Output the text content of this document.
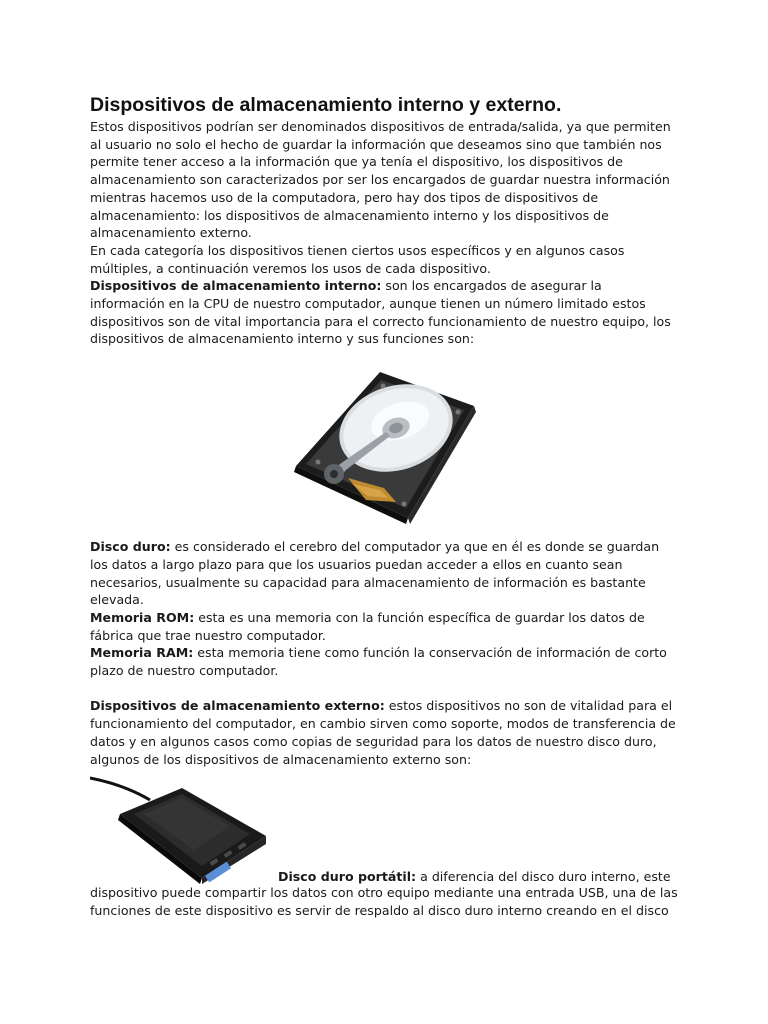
Dispositivos de almacenamiento interno y externo.

Estos dispositivos podrían ser denominados dispositivos de entrada/salida, ya que permiten al usuario no solo el hecho de guardar la información que deseamos sino que también nos permite tener acceso a la información que ya tenía el dispositivo, los dispositivos de almacenamiento son caracterizados por ser los encargados de guardar nuestra información mientras hacemos uso de la computadora, pero hay dos tipos de dispositivos de almacenamiento: los dispositivos de almacenamiento interno y los dispositivos de almacenamiento externo.

En cada categoría los dispositivos tienen ciertos usos específicos y en algunos casos múltiples, a continuación veremos los usos de cada dispositivo.

Dispositivos de almacenamiento interno: son los encargados de asegurar la información en la CPU de nuestro computador, aunque tienen un número limitado estos dispositivos son de vital importancia para el correcto funcionamiento de nuestro equipo, los dispositivos de almacenamiento interno y sus funciones son:

Disco duro: es considerado el cerebro del computador ya que en él es donde se guardan los datos a largo plazo para que los usuarios puedan acceder a ellos en cuanto sean necesarios, usualmente su capacidad para almacenamiento de información es bastante elevada.

Memoria ROM: esta es una memoria con la función específica de guardar los datos de fábrica que trae nuestro computador.

Memoria RAM: esta memoria tiene como función la conservación de información de corto plazo de nuestro computador.

Dispositivos de almacenamiento externo: estos dispositivos no son de vitalidad para el funcionamiento del computador, en cambio sirven como soporte, modos de transferencia de datos y en algunos casos como copias de seguridad para los datos de nuestro disco duro, algunos de los dispositivos de almacenamiento externo son:

Disco duro portátil: a diferencia del disco duro interno, este

dispositivo puede compartir los datos con otro equipo mediante una entrada USB, una de las funciones de este dispositivo es servir de respaldo al disco duro interno creando en el disco
